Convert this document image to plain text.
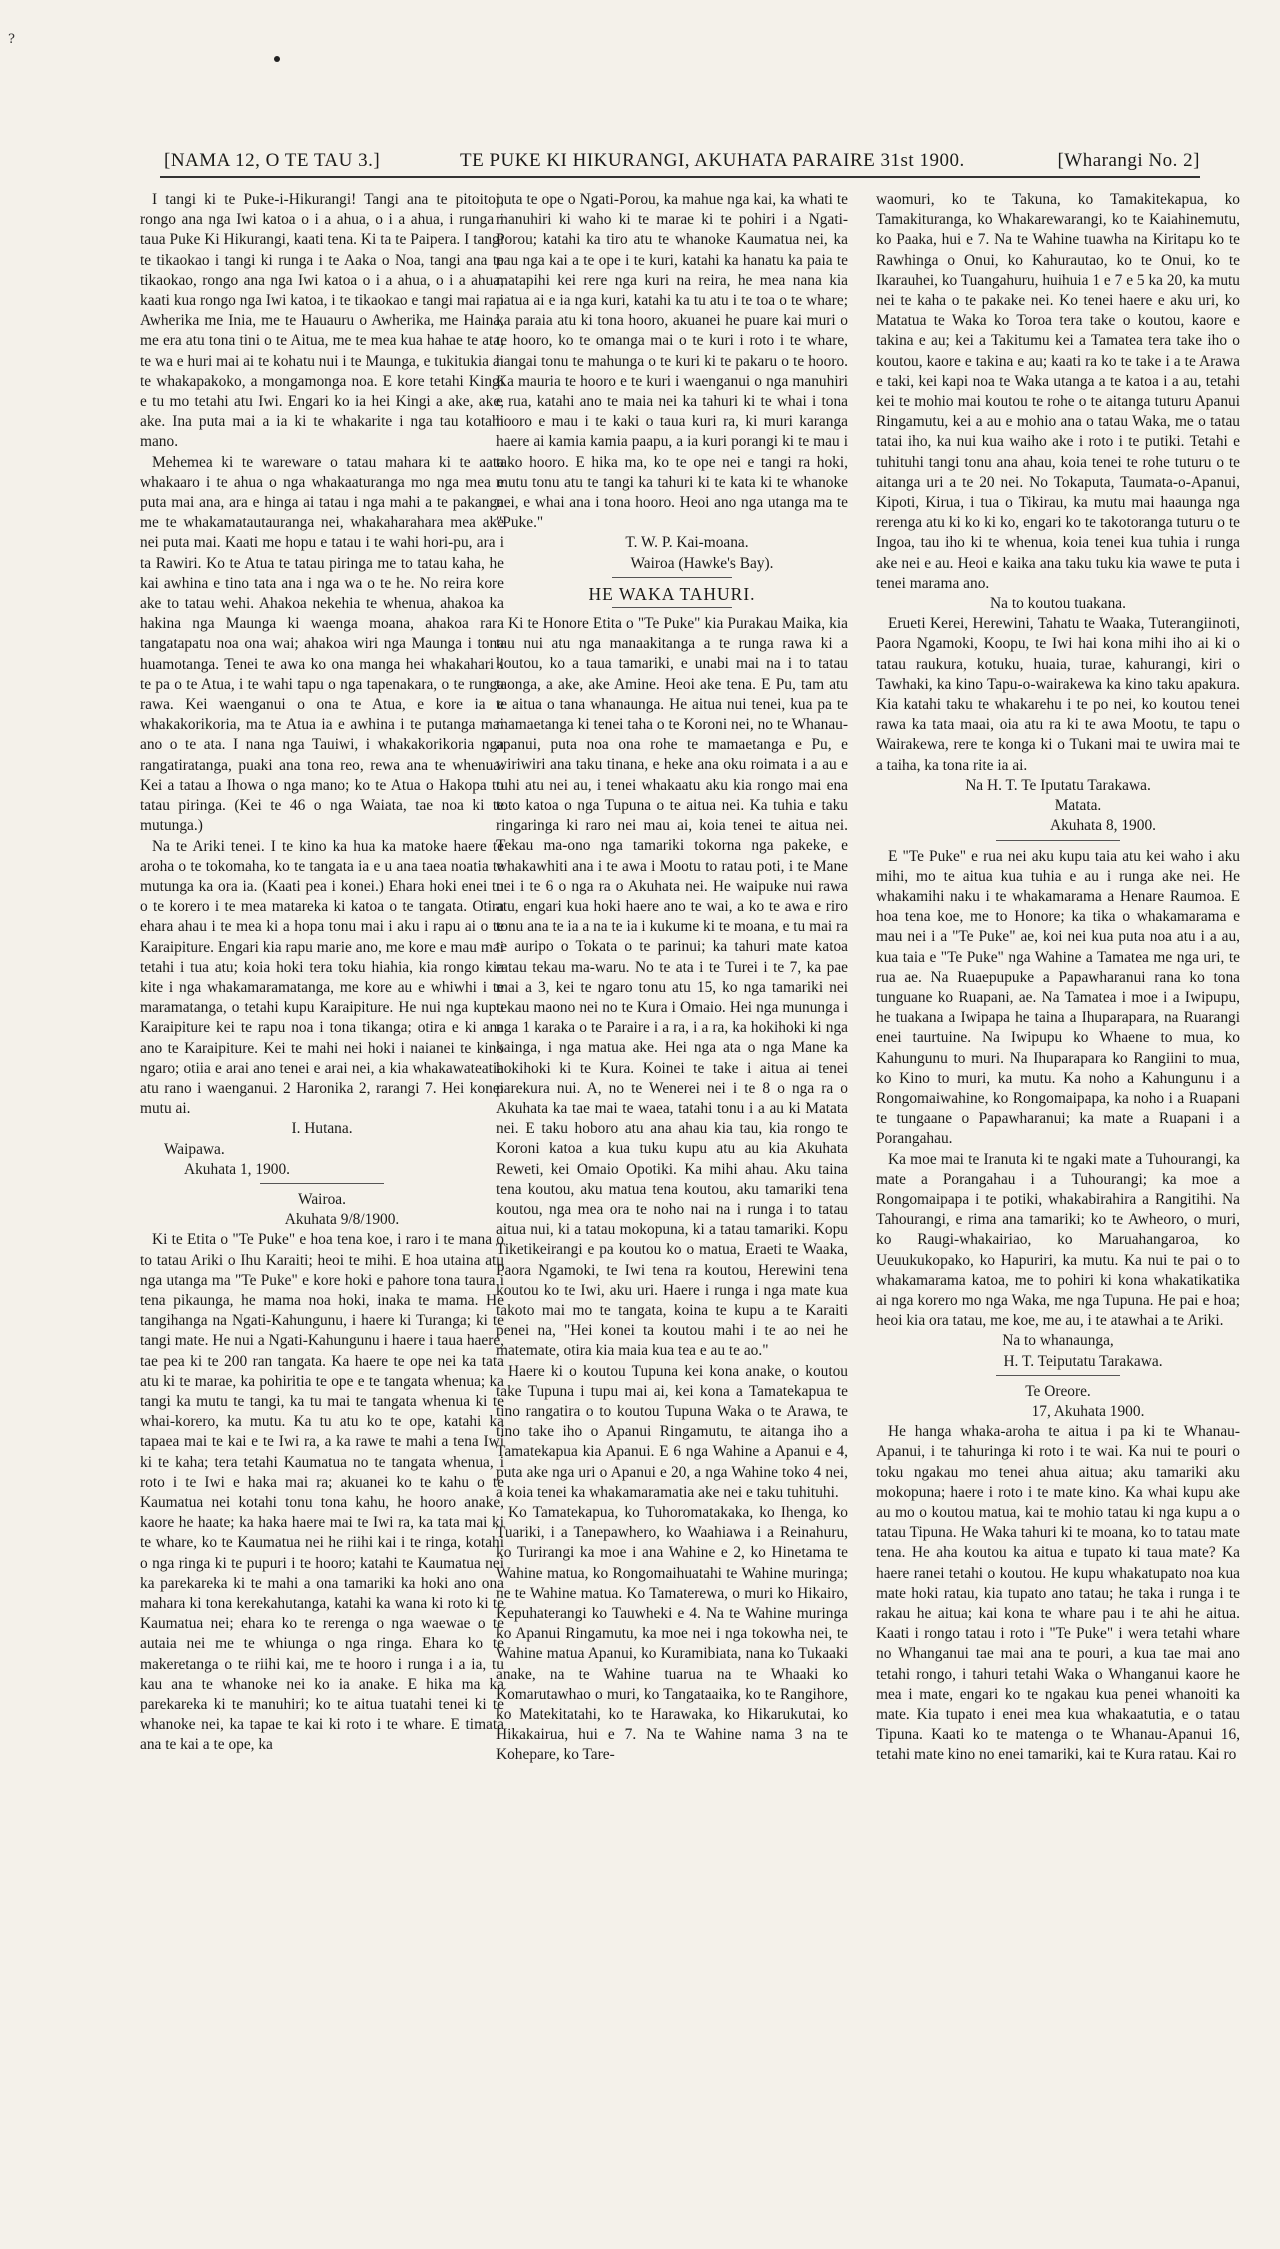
?
[NAMA 12, O TE TAU 3.]	TE PUKE KI HIKURANGI, AKUHATA PARAIRE 31st 1900.	[Wharangi No. 2]

I tangi ki te Puke-i-Hikurangi! Tangi ana te pitoitoi, rongo ana nga Iwi katoa o i a ahua, o i a ahua, i runga i taua Puke Ki Hikurangi, kaati tena. Ki ta te Paipera. I tangi te tikaokao i tangi ki runga i te Aaka o Noa, tangi ana te tikaokao, rongo ana nga Iwi katoa o i a ahua, o i a ahua, kaati kua rongo nga Iwi katoa, i te tikaokao e tangi mai ra i Awherika me Inia, me te Hauauru o Awherika, me Haina, me era atu tona tini o te Aitua, me te mea kua hahae te ata, te wa e huri mai ai te kohatu nui i te Maunga, e tukitukia ai te whakapakoko, a mongamonga noa. E kore tetahi Kingi e tu mo tetahi atu Iwi. Engari ko ia hei Kingi a ake, ake, ake. Ina puta mai a ia ki te whakarite i nga tau kotahi mano.

Mehemea ki te wareware o tatau mahara ki te aata whakaaro i te ahua o nga whakaaturanga mo nga mea e puta mai ana, ara e hinga ai tatau i nga mahi a te pakanga me te whakamatautauranga nei, whakaharahara mea ake nei puta mai. Kaati me hopu e tatau i te wahi hori-pu, ara i ta Rawiri. Ko te Atua te tatau piringa me to tatau kaha, he kai awhina e tino tata ana i nga wa o te he. No reira kore ake to tatau wehi. Ahakoa nekehia te whenua, ahakoa ka hakina nga Maunga ki waenga moana, ahakoa rara tangatapatu noa ona wai; ahakoa wiri nga Maunga i tona huamotanga. Tenei te awa ko ona manga hei whakahari i te pa o te Atua, i te wahi tapu o nga tapenakara, o te runga rawa. Kei waenganui o ona te Atua, e kore ia e whakakorikoria, ma te Atua ia e awhina i te putanga mai ano o te ata. I nana nga Tauiwi, i whakakorikoria nga rangatiratanga, puaki ana tona reo, rewa ana te whenua. Kei a tatau a Ihowa o nga mano; ko te Atua o Hakopa to tatau piringa. (Kei te 46 o nga Waiata, tae noa ki te mutunga.)

Na te Ariki tenei. I te kino ka hua ka matoke haere te aroha o te tokomaha, ko te tangata ia e u ana taea noatia te mutunga ka ora ia. (Kaati pea i konei.) Ehara hoki enei tu o te korero i te mea matareka ki katoa o te tangata. Otira ehara ahau i te mea ki a hopa tonu mai i aku i rapu ai o te Karaipiture. Engari kia rapu marie ano, me kore e mau mai tetahi i tua atu; koia hoki tera toku hiahia, kia rongo kia kite i nga whakamaramatanga, me kore au e whiwhi i te maramatanga, o tetahi kupu Karaipiture. He nui nga kupu Karaipiture kei te rapu noa i tona tikanga; otira e ki ana ano te Karaipiture. Kei te mahi nei hoki i naianei te kino ngaro; otiia e arai ano tenei e arai nei, a kia whakawateatia atu rano i waenganui. 2 Haronika 2, rarangi 7. Hei konei mutu ai.

I. Hutana.

Waipawa.

Akuhata 1, 1900.

Wairoa.

Akuhata 9/8/1900.

Ki te Etita o "Te Puke" e hoa tena koe, i raro i te mana o to tatau Ariki o Ihu Karaiti; heoi te mihi. E hoa utaina atu nga utanga ma "Te Puke" e kore hoki e pahore tona taura i tena pikaunga, he mama noa hoki, inaka te mama. He tangihanga na Ngati-Kahungunu, i haere ki Turanga; ki te tangi mate. He nui a Ngati-Kahungunu i haere i taua haere, tae pea ki te 200 ran tangata. Ka haere te ope nei ka tata atu ki te marae, ka pohiritia te ope e te tangata whenua; ka tangi ka mutu te tangi, ka tu mai te tangata whenua ki te whai-korero, ka mutu. Ka tu atu ko te ope, katahi ka tapaea mai te kai e te Iwi ra, a ka rawe te mahi a tena Iwi ki te kaha; tera tetahi Kaumatua no te tangata whenua, i roto i te Iwi e haka mai ra; akuanei ko te kahu o te Kaumatua nei kotahi tonu tona kahu, he hooro anake, kaore he haate; ka haka haere mai te Iwi ra, ka tata mai ki te whare, ko te Kaumatua nei he riihi kai i te ringa, kotahi o nga ringa ki te pupuri i te hooro; katahi te Kaumatua nei ka parekareka ki te mahi a ona tamariki ka hoki ano ona mahara ki tona kerekahutanga, katahi ka wana ki roto ki te Kaumatua nei; ehara ko te rerenga o nga waewae o te autaia nei me te whiunga o nga ringa. Ehara ko te makeretanga o te riihi kai, me te hooro i runga i a ia, tu kau ana te whanoke nei ko ia anake. E hika ma ka parekareka ki te manuhiri; ko te aitua tuatahi tenei ki te whanoke nei, ka tapae te kai ki roto i te whare. E timata ana te kai a te ope, ka

puta te ope o Ngati-Porou, ka mahue nga kai, ka whati te manuhiri ki waho ki te marae ki te pohiri i a Ngati-Porou; katahi ka tiro atu te whanoke Kaumatua nei, ka pau nga kai a te ope i te kuri, katahi ka hanatu ka paia te matapihi kei rere nga kuri na reira, he mea nana kia patua ai e ia nga kuri, katahi ka tu atu i te toa o te whare; ka paraia atu ki tona hooro, akuanei he puare kai muri o te hooro, ko te omanga mai o te kuri i roto i te whare, hangai tonu te mahunga o te kuri ki te pakaru o te hooro. Ka mauria te hooro e te kuri i waenganui o nga manuhiri e rua, katahi ano te maia nei ka tahuri ki te whai i tona hooro e mau i te kaki o taua kuri ra, ki muri karanga haere ai kamia kamia paapu, a ia kuri porangi ki te mau i tako hooro. E hika ma, ko te ope nei e tangi ra hoki, mutu tonu atu te tangi ka tahuri ki te kata ki te whanoke nei, e whai ana i tona hooro. Heoi ano nga utanga ma te "Puke."

T. W. P. Kai-moana.

Wairoa (Hawke's Bay).

HE WAKA TAHURI.

Ki te Honore Etita o "Te Puke" kia Purakau Maika, kia tau nui atu nga manaakitanga a te runga rawa ki a koutou, ko a taua tamariki, e unabi mai na i to tatau taonga, a ake, ake Amine. Heoi ake tena. E Pu, tam atu te aitua o tana whanaunga. He aitua nui tenei, kua pa te mamaetanga ki tenei taha o te Koroni nei, no te Whanau-apanui, puta noa ona rohe te mamaetanga e Pu, e wiriwiri ana taku tinana, e heke ana oku roimata i a au e tuhi atu nei au, i tenei whakaatu aku kia rongo mai ena toto katoa o nga Tupuna o te aitua nei. Ka tuhia e taku ringaringa ki raro nei mau ai, koia tenei te aitua nei. Tekau ma-ono nga tamariki tokorna nga pakeke, e whakawhiti ana i te awa i Mootu to ratau poti, i te Mane nei i te 6 o nga ra o Akuhata nei. He waipuke nui rawa atu, engari kua hoki haere ano te wai, a ko te awa e riro tonu ana te ia a na te ia i kukume ki te moana, e tu mai ra te auripo o Tokata o te parinui; ka tahuri mate katoa ratau tekau ma-waru. No te ata i te Turei i te 7, ka pae mai a 3, kei te ngaro tonu atu 15, ko nga tamariki nei tekau maono nei no te Kura i Omaio. Hei nga mununga i nga 1 karaka o te Paraire i a ra, i a ra, ka hokihoki ki nga kainga, i nga matua ake. Hei nga ata o nga Mane ka hokihoki ki te Kura. Koinei te take i aitua ai tenei parekura nui. A, no te Wenerei nei i te 8 o nga ra o Akuhata ka tae mai te waea, tatahi tonu i a au ki Matata nei. E taku hoboro atu ana ahau kia tau, kia rongo te Koroni katoa a kua tuku kupu atu au kia Akuhata Reweti, kei Omaio Opotiki. Ka mihi ahau. Aku taina tena koutou, aku matua tena koutou, aku tamariki tena koutou, nga mea ora te noho nai na i runga i to tatau aitua nui, ki a tatau mokopuna, ki a tatau tamariki. Kopu Tiketikeirangi e pa koutou ko o matua, Eraeti te Waaka, Paora Ngamoki, te Iwi tena ra koutou, Herewini tena koutou ko te Iwi, aku uri. Haere i runga i nga mate kua takoto mai mo te tangata, koina te kupu a te Karaiti penei na, "Hei konei ta koutou mahi i te ao nei he matemate, otira kia maia kua tea e au te ao."

Haere ki o koutou Tupuna kei kona anake, o koutou take Tupuna i tupu mai ai, kei kona a Tamatekapua te tino rangatira o to koutou Tupuna Waka o te Arawa, te tino take iho o Apanui Ringamutu, te aitanga iho a Tamatekapua kia Apanui. E 6 nga Wahine a Apanui e 4, puta ake nga uri o Apanui e 20, a nga Wahine toko 4 nei, a koia tenei ka whakamaramatia ake nei e taku tuhituhi.

Ko Tamatekapua, ko Tuhoromatakaka, ko Ihenga, ko Tuariki, i a Tanepawhero, ko Waahiawa i a Reinahuru, ko Turirangi ka moe i ana Wahine e 2, ko Hinetama te Wahine matua, ko Rongomaihuatahi te Wahine muringa; ne te Wahine matua. Ko Tamaterewa, o muri ko Hikairo, Kepuhaterangi ko Tauwheki e 4. Na te Wahine muringa ko Apanui Ringamutu, ka moe nei i nga tokowha nei, te Wahine matua Apanui, ko Kuramibiata, nana ko Tukaaki anake, na te Wahine tuarua na te Whaaki ko Komarutawhao o muri, ko Tangataaika, ko te Rangihore, ko Matekitatahi, ko te Harawaka, ko Hikarukutai, ko Hikakairua, hui e 7. Na te Wahine nama 3 na te Kohepare, ko Tare-

waomuri, ko te Takuna, ko Tamakitekapua, ko Tamakituranga, ko Whakarewarangi, ko te Kaiahinemutu, ko Paaka, hui e 7. Na te Wahine tuawha na Kiritapu ko te Rawhinga o Onui, ko Kahurautao, ko te Onui, ko te Ikarauhei, ko Tuangahuru, huihuia 1 e 7 e 5 ka 20, ka mutu nei te kaha o te pakake nei. Ko tenei haere e aku uri, ko Matatua te Waka ko Toroa tera take o koutou, kaore e takina e au; kei a Takitumu kei a Tamatea tera take iho o koutou, kaore e takina e au; kaati ra ko te take i a te Arawa e taki, kei kapi noa te Waka utanga a te katoa i a au, tetahi kei te mohio mai koutou te rohe o te aitanga tuturu Apanui Ringamutu, kei a au e mohio ana o tatau Waka, me o tatau tatai iho, ka nui kua waiho ake i roto i te putiki. Tetahi e tuhituhi tangi tonu ana ahau, koia tenei te rohe tuturu o te aitanga uri a te 20 nei. No Tokaputa, Taumata-o-Apanui, Kipoti, Kirua, i tua o Tikirau, ka mutu mai haaunga nga rerenga atu ki ko ki ko, engari ko te takotoranga tuturu o te Ingoa, tau iho ki te whenua, koia tenei kua tuhia i runga ake nei e au. Heoi e kaika ana taku tuku kia wawe te puta i tenei marama ano.

Na to koutou tuakana.

Erueti Kerei, Herewini, Tahatu te Waaka, Tuterangiinoti, Paora Ngamoki, Koopu, te Iwi hai kona mihi iho ai ki o tatau raukura, kotuku, huaia, turae, kahurangi, kiri o Tawhaki, ka kino Tapu-o-wairakewa ka kino taku apakura. Kia katahi taku te whakarehu i te po nei, ko koutou tenei rawa ka tata maai, oia atu ra ki te awa Mootu, te tapu o Wairakewa, rere te konga ki o Tukani mai te uwira mai te a taiha, ka tona rite ia ai.

Na H. T. Te Iputatu Tarakawa.

Matata.

Akuhata 8, 1900.

E "Te Puke" e rua nei aku kupu taia atu kei waho i aku mihi, mo te aitua kua tuhia e au i runga ake nei. He whakamihi naku i te whakamarama a Henare Raumoa. E hoa tena koe, me to Honore; ka tika o whakamarama e mau nei i a "Te Puke" ae, koi nei kua puta noa atu i a au, kua taia e "Te Puke" nga Wahine a Tamatea me nga uri, te rua ae. Na Ruaepupuke a Papawharanui rana ko tona tunguane ko Ruapani, ae. Na Tamatea i moe i a Iwipupu, he tuakana a Iwipapa he taina a Ihuparapara, na Ruarangi enei taurtuine. Na Iwipupu ko Whaene to mua, ko Kahungunu to muri. Na Ihuparapara ko Rangiini to mua, ko Kino to muri, ka mutu. Ka noho a Kahungunu i a Rongomaiwahine, ko Rongomaipapa, ka noho i a Ruapani te tungaane o Papawharanui; ka mate a Ruapani i a Porangahau.

Ka moe mai te Iranuta ki te ngaki mate a Tuhourangi, ka mate a Porangahau i a Tuhourangi; ka moe a Rongomaipapa i te potiki, whakabirahira a Rangitihi. Na Tahourangi, e rima ana tamariki; ko te Awheoro, o muri, ko Raugi-whakairiao, ko Maruahangaroa, ko Ueuukukopako, ko Hapuriri, ka mutu. Ka nui te pai o to whakamarama katoa, me to pohiri ki kona whakatikatika ai nga korero mo nga Waka, me nga Tupuna. He pai e hoa; heoi kia ora tatau, me koe, me au, i te atawhai a te Ariki.

Na to whanaunga,

H. T. Teiputatu Tarakawa.

Te Oreore.

17, Akuhata 1900.

He hanga whaka-aroha te aitua i pa ki te Whanau-Apanui, i te tahuringa ki roto i te wai. Ka nui te pouri o toku ngakau mo tenei ahua aitua; aku tamariki aku mokopuna; haere i roto i te mate kino. Ka whai kupu ake au mo o koutou matua, kai te mohio tatau ki nga kupu a o tatau Tipuna. He Waka tahuri ki te moana, ko to tatau mate tena. He aha koutou ka aitua e tupato ki taua mate? Ka haere ranei tetahi o koutou. He kupu whakatupato noa kua mate hoki ratau, kia tupato ano tatau; he taka i runga i te rakau he aitua; kai kona te whare pau i te ahi he aitua. Kaati i rongo tatau i roto i "Te Puke" i wera tetahi whare no Whanganui tae mai ana te pouri, a kua tae mai ano tetahi rongo, i tahuri tetahi Waka o Whanganui kaore he mea i mate, engari ko te ngakau kua penei whanoiti ka mate. Kia tupato i enei mea kua whakaatutia, e o tatau Tipuna. Kaati ko te matenga o te Whanau-Apanui 16, tetahi mate kino no enei tamariki, kai te Kura ratau. Kai ro
